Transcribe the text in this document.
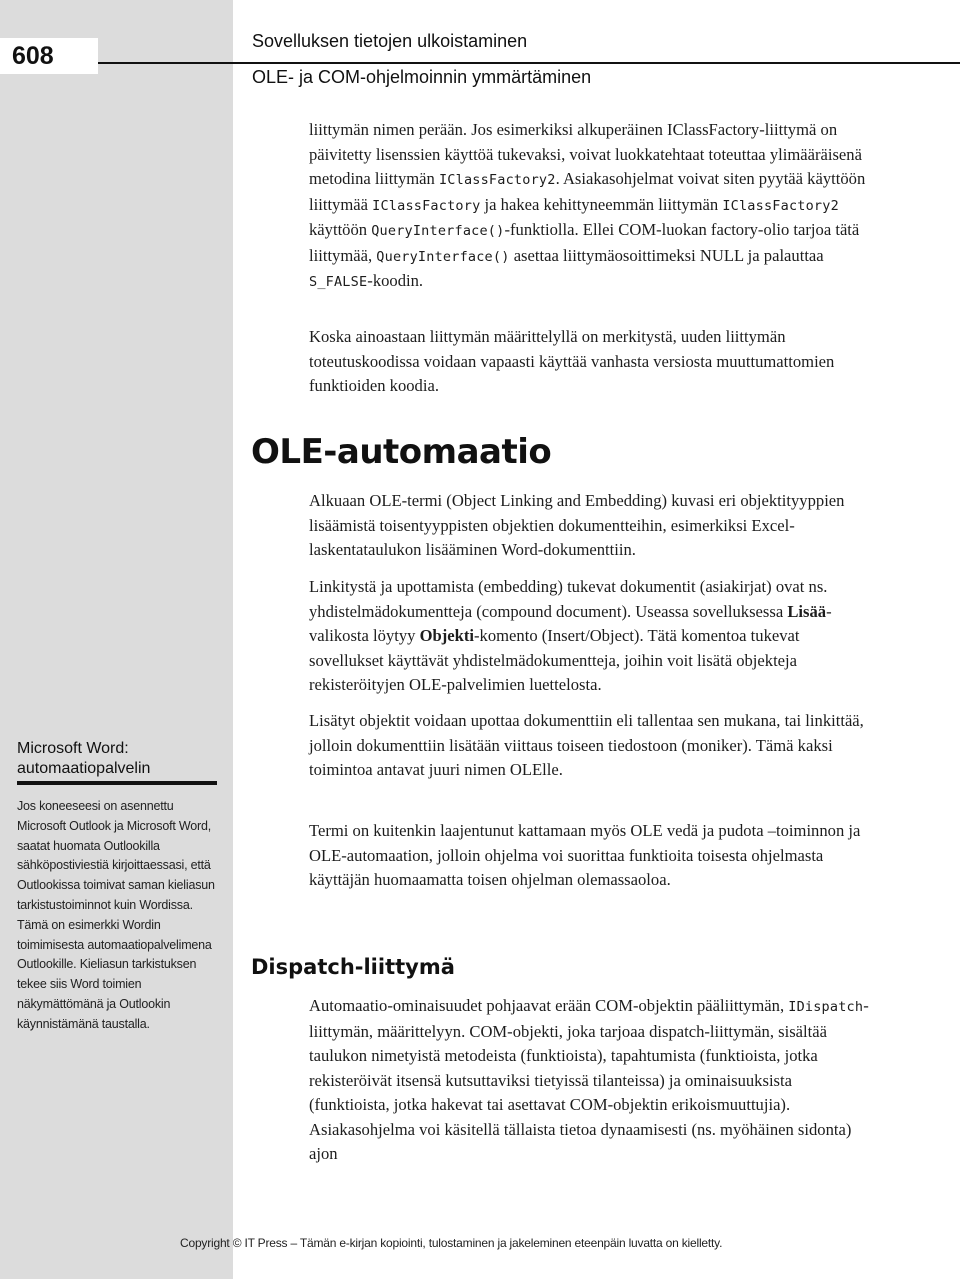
608
Sovelluksen tietojen ulkoistaminen
OLE- ja COM-ohjelmoinnin ymmärtäminen

liittymän nimen perään. Jos esimerkiksi alkuperäinen IClassFactory-liittymä on päivitetty lisenssien käyttöä tukevaksi, voivat luokkatehtaat toteuttaa ylimääräisenä metodina liittymän IClassFactory2. Asiakasohjelmat voivat siten pyytää käyttöön liittymää IClassFactory ja hakea kehittyneemmän liittymän IClassFactory2 käyttöön QueryInterface()-funktiolla. Ellei COM-luokan factory-olio tarjoa tätä liittymää, QueryInterface() asettaa liittymäosoittimeksi NULL ja palauttaa S_FALSE-koodin.

Koska ainoastaan liittymän määrittelyllä on merkitystä, uuden liittymän toteutuskoodissa voidaan vapaasti käyttää vanhasta versiosta muuttumattomien funktioiden koodia.

OLE-automaatio

Alkuaan OLE-termi (Object Linking and Embedding) kuvasi eri objektityyppien lisäämistä toisentyyppisten objektien dokumentteihin, esimerkiksi Excel-laskentataulukon lisääminen Word-dokumenttiin.

Linkitystä ja upottamista (embedding) tukevat dokumentit (asiakirjat) ovat ns. yhdistelmädokumentteja (compound document). Useassa sovelluksessa Lisää-valikosta löytyy Objekti-komento (Insert/Object). Tätä komentoa tukevat sovellukset käyttävät yhdistelmädokumentteja, joihin voit lisätä objekteja rekisteröityjen OLE-palvelimien luettelosta.

Lisätyt objektit voidaan upottaa dokumenttiin eli tallentaa sen mukana, tai linkittää, jolloin dokumenttiin lisätään viittaus toiseen tiedostoon (moniker). Tämä kaksi toimintoa antavat juuri nimen OLElle.

Termi on kuitenkin laajentunut kattamaan myös OLE vedä ja pudota –toiminnon ja OLE-automaation, jolloin ohjelma voi suorittaa funktioita toisesta ohjelmasta käyttäjän huomaamatta toisen ohjelman olemassaoloa.

Dispatch-liittymä

Automaatio-ominaisuudet pohjaavat erään COM-objektin pääliittymän, IDispatch-liittymän, määrittelyyn. COM-objekti, joka tarjoaa dispatch-liittymän, sisältää taulukon nimetyistä metodeista (funktioista), tapahtumista (funktioista, jotka rekisteröivät itsensä kutsuttaviksi tietyissä tilanteissa) ja ominaisuuksista (funktioista, jotka hakevat tai asettavat COM-objektin erikoismuuttujia). Asiakasohjelma voi käsitellä tällaista tietoa dynaamisesti (ns. myöhäinen sidonta) ajon

Microsoft Word: automaatiopalvelin
Jos koneeseesi on asennettu Microsoft Outlook ja Microsoft Word, saatat huomata Outlookilla sähköpostiviestiä kirjoittaessasi, että Outlookissa toimivat saman kieliasun tarkistustoiminnot kuin Wordissa. Tämä on esimerkki Wordin toimimisesta automaatiopalvelimena Outlookille. Kieliasun tarkistuksen tekee siis Word toimien näkymättömänä ja Outlookin käynnistämänä taustalla.
Copyright © IT Press – Tämän e-kirjan kopiointi, tulostaminen ja jakeleminen eteenpäin luvatta on kielletty.
